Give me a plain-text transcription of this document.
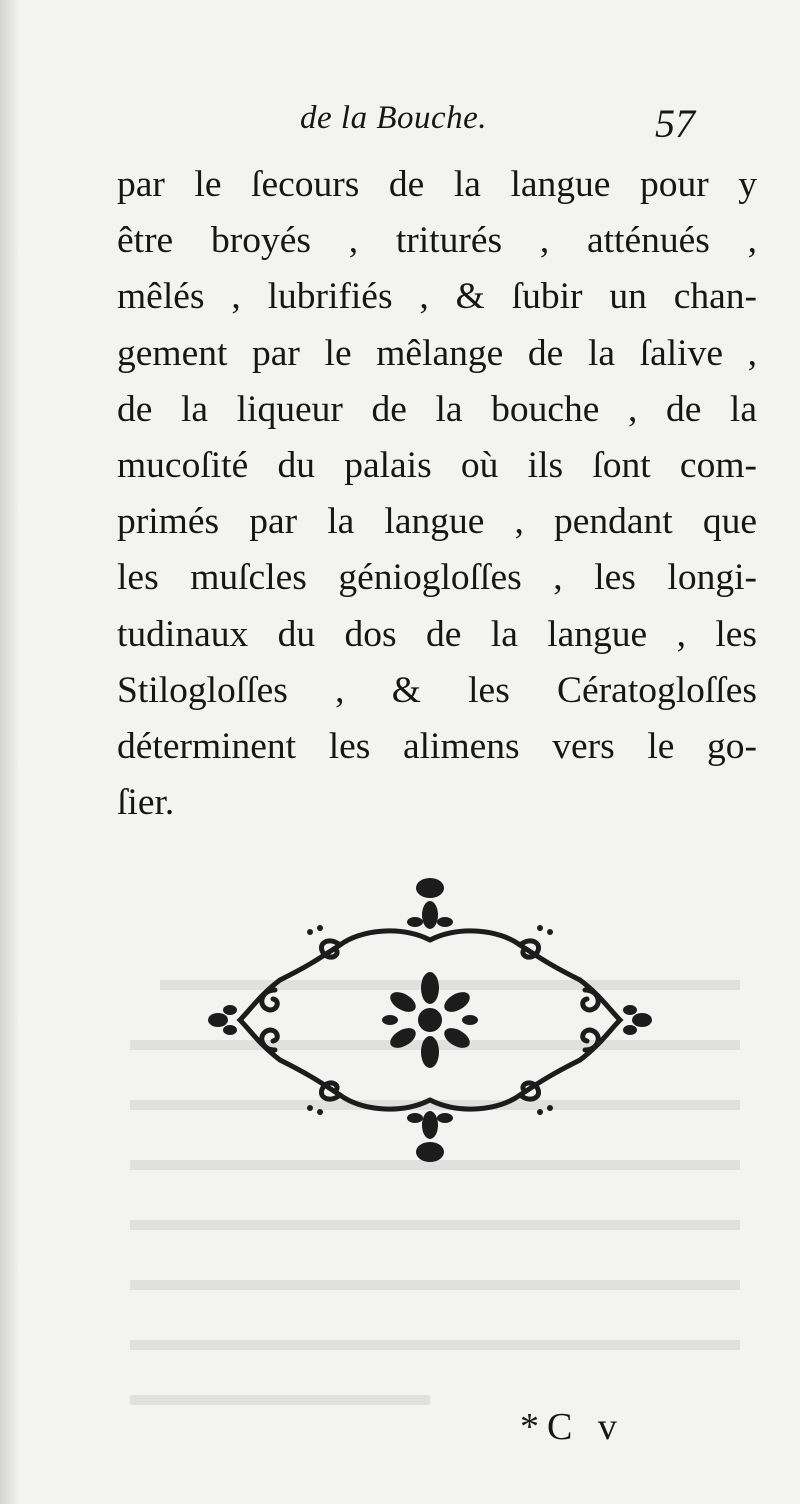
de la Bouche.	57
par le ſecours de la langue pour y
être broyés , triturés , atténués ,
mêlés , lubrifiés , & ſubir un chan-
gement par le mêlange de la ſalive ,
de la liqueur de la bouche , de la
mucoſité du palais où ils ſont com-
primés par la langue , pendant que
les muſcles génioglоſſes , les longi-
tudinaux du dos de la langue , les
Stiloglоſſes , & les Cératoglоſſes
déterminent les alimens vers le go-
ſier.
*C v
